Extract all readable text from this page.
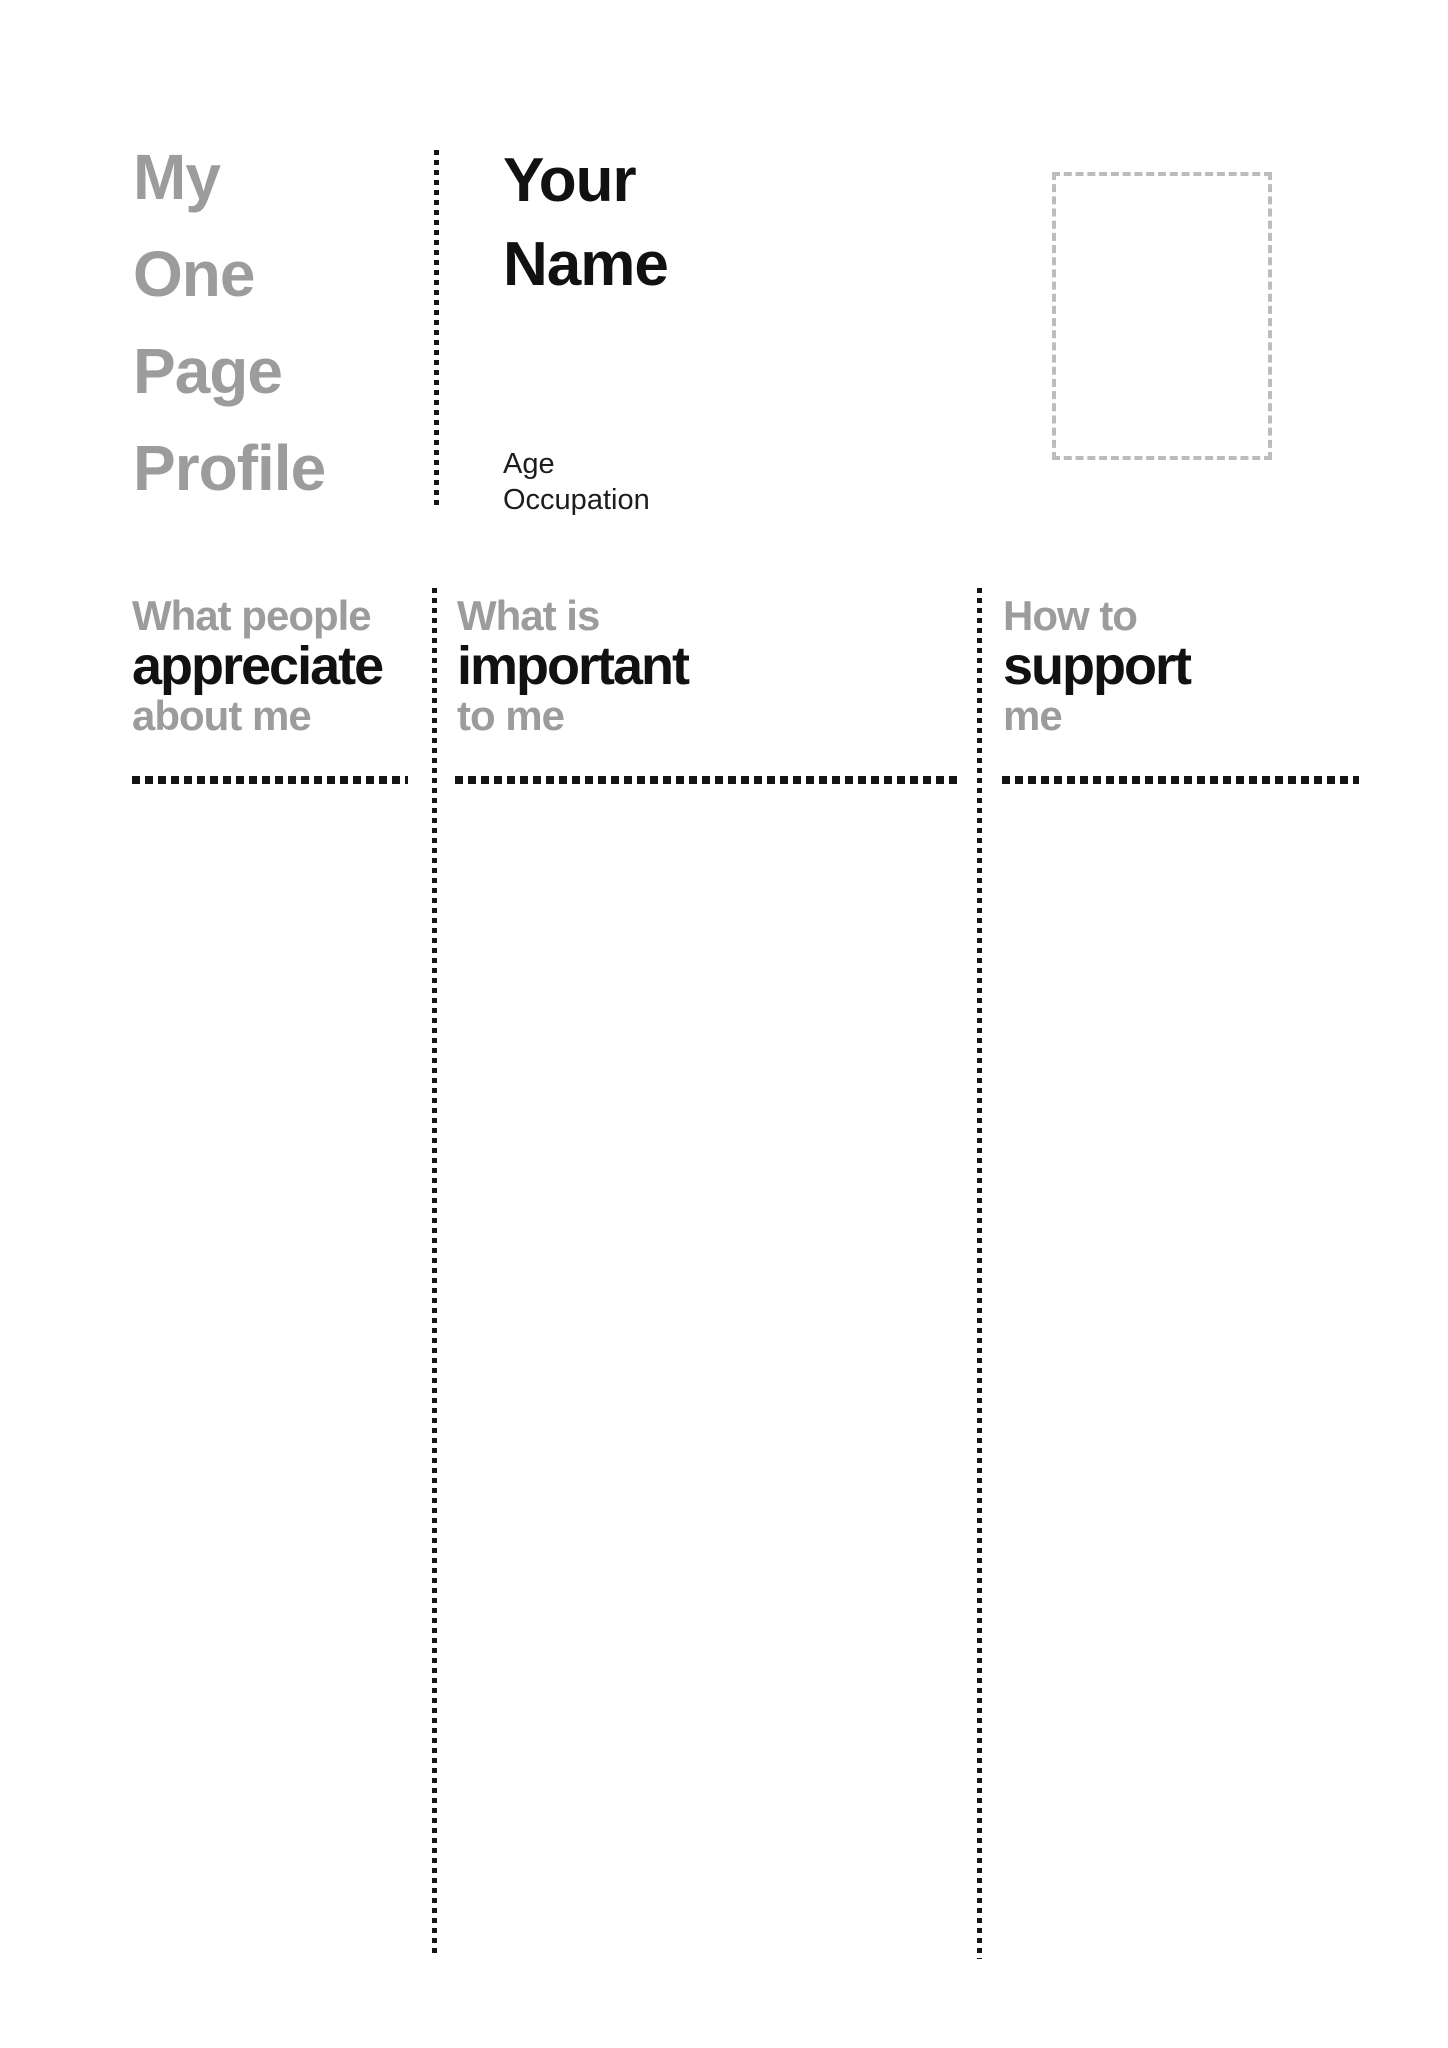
My
One
Page
Profile
Your
Name
Age
Occupation
What people
appreciate
about me
What is
important
to me
How to
support
me
